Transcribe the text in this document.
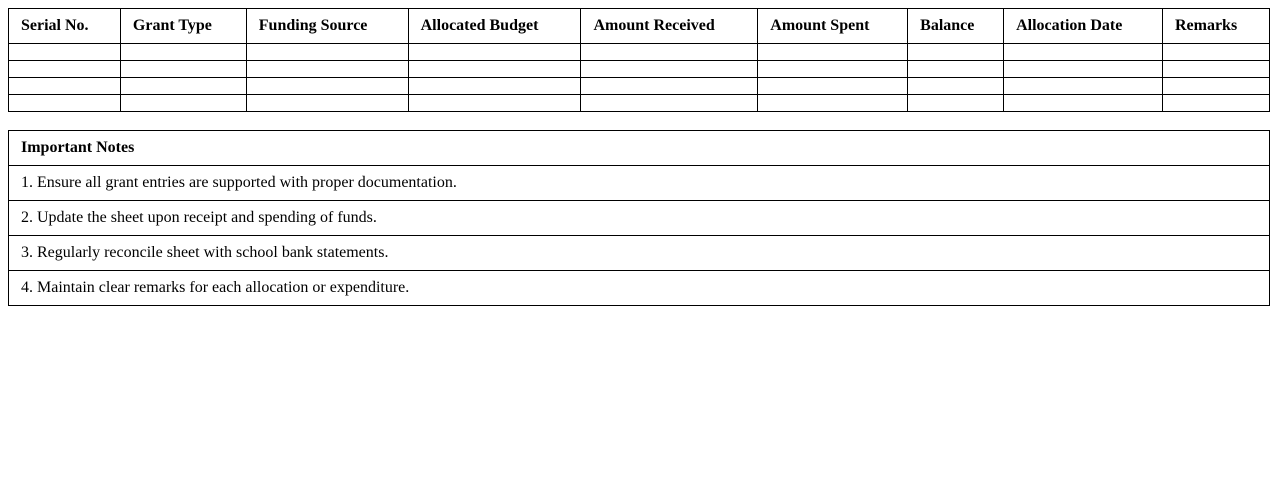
Serial No.	Grant Type	Funding Source	Allocated Budget	Amount Received	Amount Spent	Balance	Allocation Date	Remarks

Important Notes
1. Ensure all grant entries are supported with proper documentation.
2. Update the sheet upon receipt and spending of funds.
3. Regularly reconcile sheet with school bank statements.
4. Maintain clear remarks for each allocation or expenditure.
